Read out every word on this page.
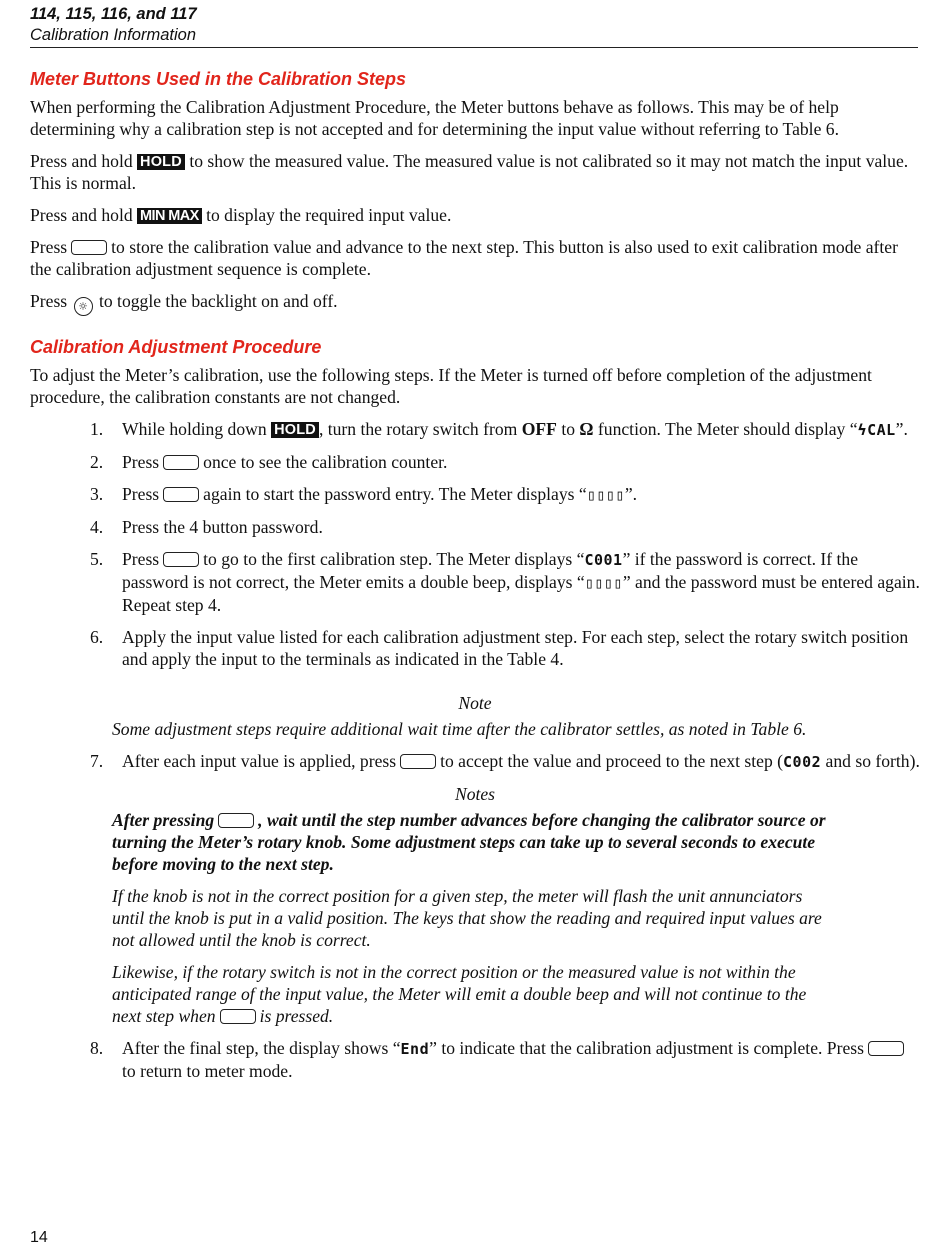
114, 115, 116, and 117
Calibration Information
Meter Buttons Used in the Calibration Steps

When performing the Calibration Adjustment Procedure, the Meter buttons behave as follows. This may be of help determining why a calibration step is not accepted and for determining the input value without referring to Table 6.

Press and hold HOLD to show the measured value. The measured value is not calibrated so it may not match the input value. This is normal.

Press and hold MIN MAX to display the required input value.

Press	to store the calibration value and advance to the next step. This button is also used to exit calibration mode after the calibration adjustment sequence is complete.

Press ☼ to toggle the backlight on and off.

Calibration Adjustment Procedure

To adjust the Meter’s calibration, use the following steps. If the Meter is turned off before completion of the adjustment procedure, the calibration constants are not changed.

1. While holding down HOLD , turn the rotary switch from OFF to Ω function. The Meter should display “ϟCAL”.
2. Press	once to see the calibration counter.
3. Press	again to start the password entry. The Meter displays “▯▯▯▯”.
4. Press the 4 button password.
5. Press	to go to the first calibration step. The Meter displays “C001” if the password is correct. If the password is not correct, the Meter emits a double beep, displays “▯▯▯▯” and the password must be entered again. Repeat step 4.
6. Apply the input value listed for each calibration adjustment step. For each step, select the rotary switch position and apply the input to the terminals as indicated in the Table 4.
Note
Some adjustment steps require additional wait time after the calibrator settles, as noted in Table 6.
7. After each input value is applied, press	to accept the value and proceed to the next step (C002 and so forth).
Notes
After pressing	, wait until the step number advances before changing the calibrator source or turning the Meter’s rotary knob. Some adjustment steps can take up to several seconds to execute before moving to the next step.
If the knob is not in the correct position for a given step, the meter will flash the unit annunciators until the knob is put in a valid position. The keys that show the reading and required input values are not allowed until the knob is correct.
Likewise, if the rotary switch is not in the correct position or the measured value is not within the anticipated range of the input value, the Meter will emit a double beep and will not continue to the next step when	is pressed.
8. After the final step, the display shows “End” to indicate that the calibration adjustment is complete. Pressto return to meter mode.
14
